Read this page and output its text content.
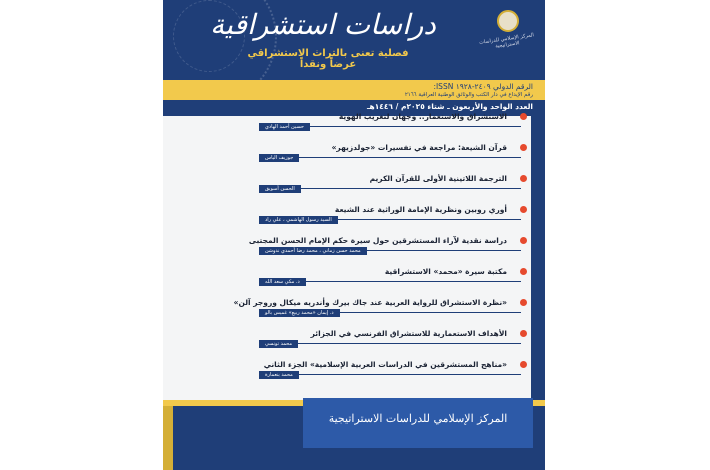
دراسات استشراقية
فصلية تعنى بالتراث الاستشراقي عرضاً ونقداً
المركز الإسلامي للدراسات الاستراتيجية
الرقم الدولي ٢٤٠٩-١٩٢٨ ISSN:
رقم الإيداع في دار الكتب والوثائق الوطنية العراقية ٢١٦٦
العدد الواحد والأربعون ـ شتاء ٢٠٢٥م / ١٤٤٦هـ
الاستشراق والاستعمار.. وجهان لتغريب الهوية
حسين أحمد الهادي
قرآن الشيعة: مراجعة في تفسيرات «جولدزيهر»
جوزيف الياس
الترجمة اللاتينية الأولى للقرآن الكريم
الحسن أسويق
أوري روبين ونظرية الإمامة الوراثية عند الشيعة
السيد رسول الهاشمي ، علي راد
دراسة نقدية لآراء المستشرقين حول سيرة حكم الإمام الحسن المجتبى
محمد حسن زماني ، محمد رضا أحمدي ندوشن
مكتبة سيرة «محمد» الاستشراقية
د. مكي سعد الله
«نظرة الاستشراق للرواية العربية عند جاك بيرك وأندريه ميكال وروجر آلن»
د. إيمان «محمد ربيع» غميس بالو
الأهداف الاستعمارية للاستشراق الفرنسي في الجزائر
محمد تونسي
«مناهج المستشرقين في الدراسات العربية الإسلامية» الجزء الثاني
محمد بنعمارة
المركز الإسلامي للدراسات الاستراتيجية
